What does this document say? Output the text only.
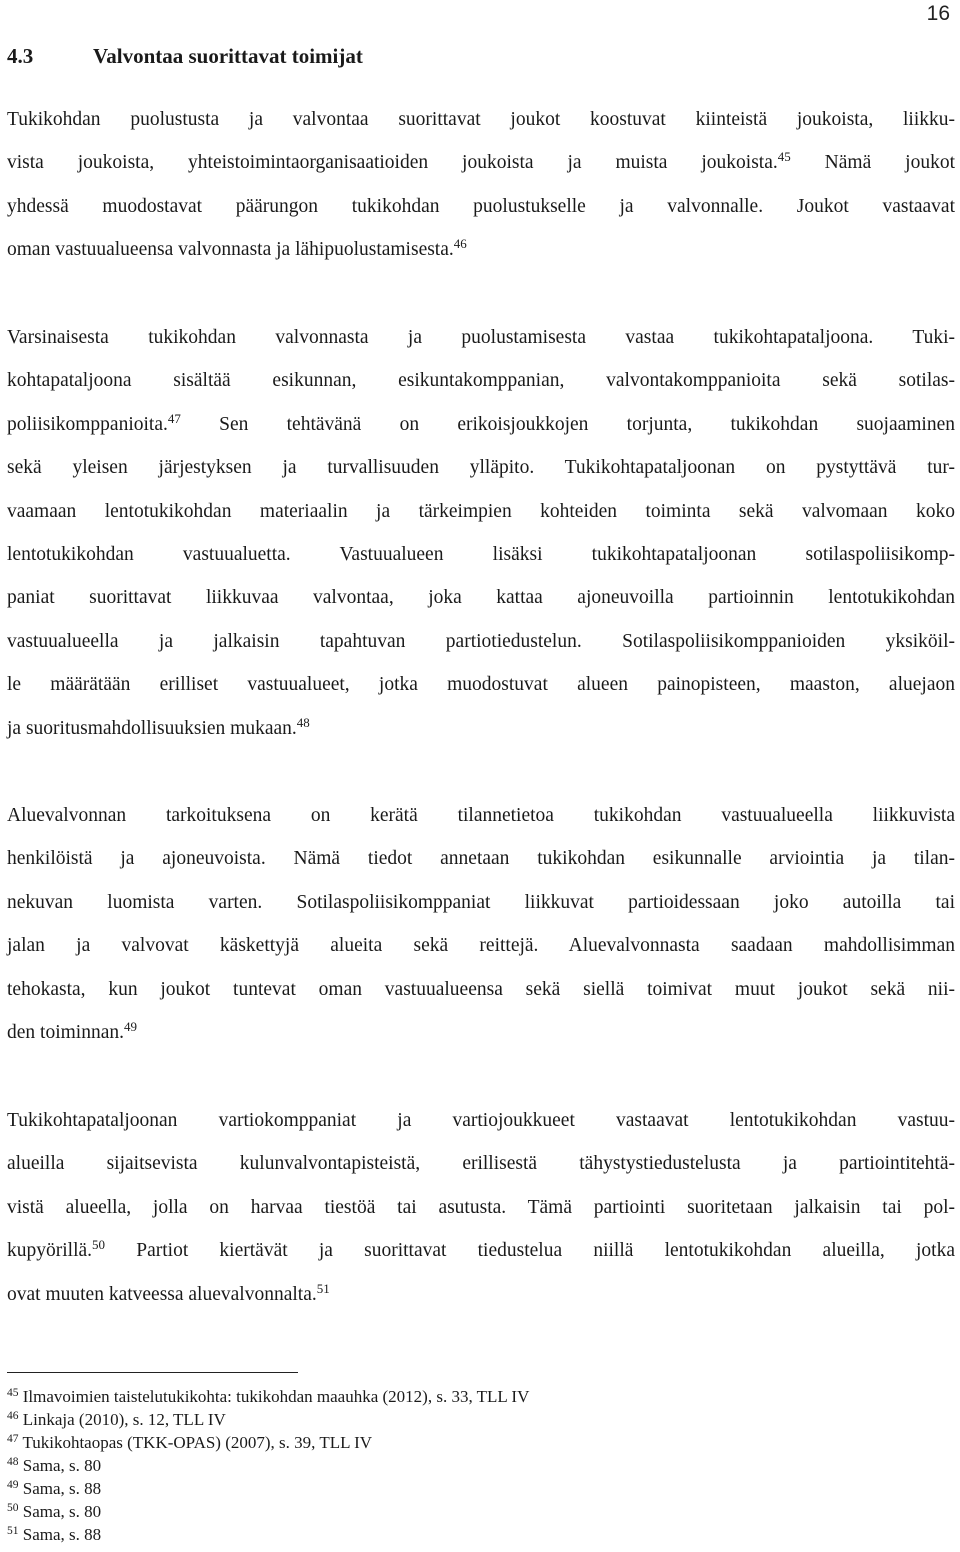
16
4.3	Valvontaa suorittavat toimijat
Tukikohdan puolustusta ja valvontaa suorittavat joukot koostuvat kiinteistä joukoista, liikku-
vista joukoista, yhteistoimintaorganisaatioiden joukoista ja muista joukoista.$^{45}$ Nämä joukot
yhdessä muodostavat päärungon tukikohdan puolustukselle ja valvonnalle. Joukot vastaavat
oman vastuualueensa valvonnasta ja lähipuolustamisesta.$^{46}$
Varsinaisesta tukikohdan valvonnasta ja puolustamisesta vastaa tukikohtapataljoona. Tuki-
kohtapataljoona sisältää esikunnan, esikuntakomppanian, valvontakomppanioita sekä sotilas-
poliisikomppanioita.$^{47}$ Sen tehtävänä on erikoisjoukkojen torjunta, tukikohdan suojaaminen
sekä yleisen järjestyksen ja turvallisuuden ylläpito. Tukikohtapataljoonan on pystyttävä tur-
vaamaan lentotukikohdan materiaalin ja tärkeimpien kohteiden toiminta sekä valvomaan koko
lentotukikohdan vastuualuetta. Vastuualueen lisäksi tukikohtapataljoonan sotilaspoliisikomp-
paniat suorittavat liikkuvaa valvontaa, joka kattaa ajoneuvoilla partioinnin lentotukikohdan
vastuualueella ja jalkaisin tapahtuvan partiotiedustelun. Sotilaspoliisikomppanioiden yksiköil-
le määrätään erilliset vastuualueet, jotka muodostuvat alueen painopisteen, maaston, aluejaon
ja suoritusmahdollisuuksien mukaan.$^{48}$
Aluevalvonnan tarkoituksena on kerätä tilannetietoa tukikohdan vastuualueella liikkuvista
henkilöistä ja ajoneuvoista. Nämä tiedot annetaan tukikohdan esikunnalle arviointia ja tilan-
nekuvan luomista varten. Sotilaspoliisikomppaniat liikkuvat partioidessaan joko autoilla tai
jalan ja valvovat käskettyjä alueita sekä reittejä. Aluevalvonnasta saadaan mahdollisimman
tehokasta, kun joukot tuntevat oman vastuualueensa sekä siellä toimivat muut joukot sekä nii-
den toiminnan.$^{49}$
Tukikohtapataljoonan vartiokomppaniat ja vartiojoukkueet vastaavat lentotukikohdan vastuu-
alueilla sijaitsevista kulunvalvontapisteistä, erillisestä tähystystiedustelusta ja partiointitehtä-
vistä alueella, jolla on harvaa tiestöä tai asutusta. Tämä partiointi suoritetaan jalkaisin tai pol-
kupyörillä.$^{50}$ Partiot kiertävät ja suorittavat tiedustelua niillä lentotukikohdan alueilla, jotka
ovat muuten katveessa aluevalvonnalta.$^{51}$
$^{45}$ Ilmavoimien taistelutukikohta: tukikohdan maauhka (2012), s. 33, TLL IV
$^{46}$ Linkaja (2010), s. 12, TLL IV
$^{47}$ Tukikohtaopas (TKK-OPAS) (2007), s. 39, TLL IV
$^{48}$ Sama, s. 80
$^{49}$ Sama, s. 88
$^{50}$ Sama, s. 80
$^{51}$ Sama, s. 88
